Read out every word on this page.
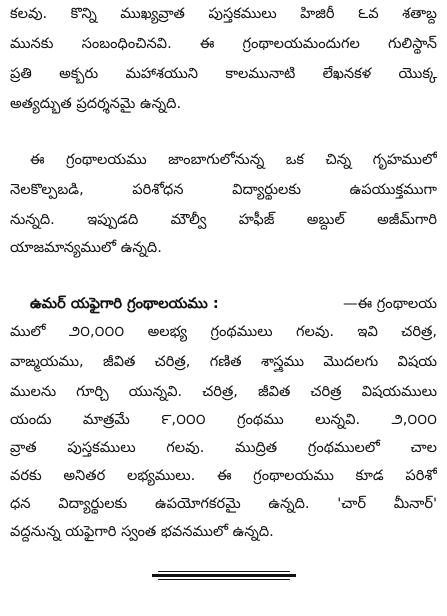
కలవు. కొన్ని ముఖ్యవ్రాత పుస్తకములు హిజిరీ ౬వ శతాబ్ద
మునకు సంబంధించినవి. ఈ గ్రంథాలయమందుగల గులిస్థాన్
ప్రతి అక్బరు మహాశయుని కాలమునాటి లేఖనకళ యొక్క
అత్యద్భుత ప్రదర్శనమై ఉన్నది.
ఈ గ్రంథాలయము జాంబాగులోనున్న ఒక చిన్న గృహములో
నెలకొల్పబడి, పరిశోధన విద్యార్థులకు ఉపయుక్తముగా
నున్నది. ఇప్పుడది మౌల్వీ హఫీజ్ అబ్దుల్ అజీమ్‌గారి
యాజమాన్యములో ఉన్నది.
ఉమర్ యఫైగారి గ్రంథాలయము :	—ఈ గ్రంథాలయ
ములో ౨౦,౦౦౦ అలభ్య గ్రంథములు గలవు. ఇవి చరిత్ర,
వాఙ్మయము, జీవిత చరిత్ర, గణిత శాస్త్రము మొదలగు విషయ
ములను గూర్చి యున్నవి. చరిత్ర, జీవిత చరిత్ర విషయములు
యందు మాత్రమే ౯,౦౦౦ గ్రంథము లున్నవి. ౨,౦౦౦
వ్రాత పుస్తకములు గలవు. ముద్రిత గ్రంథములలో చాల
వరకు అనితర లభ్యములు. ఈ గ్రంథాలయము కూడ పరిశో
ధన విద్యార్థులకు ఉపయోగకరమై ఉన్నది. 'చార్ మీనార్'
వద్దనున్న యఫైగారి స్వంత భవనములో ఉన్నది.
